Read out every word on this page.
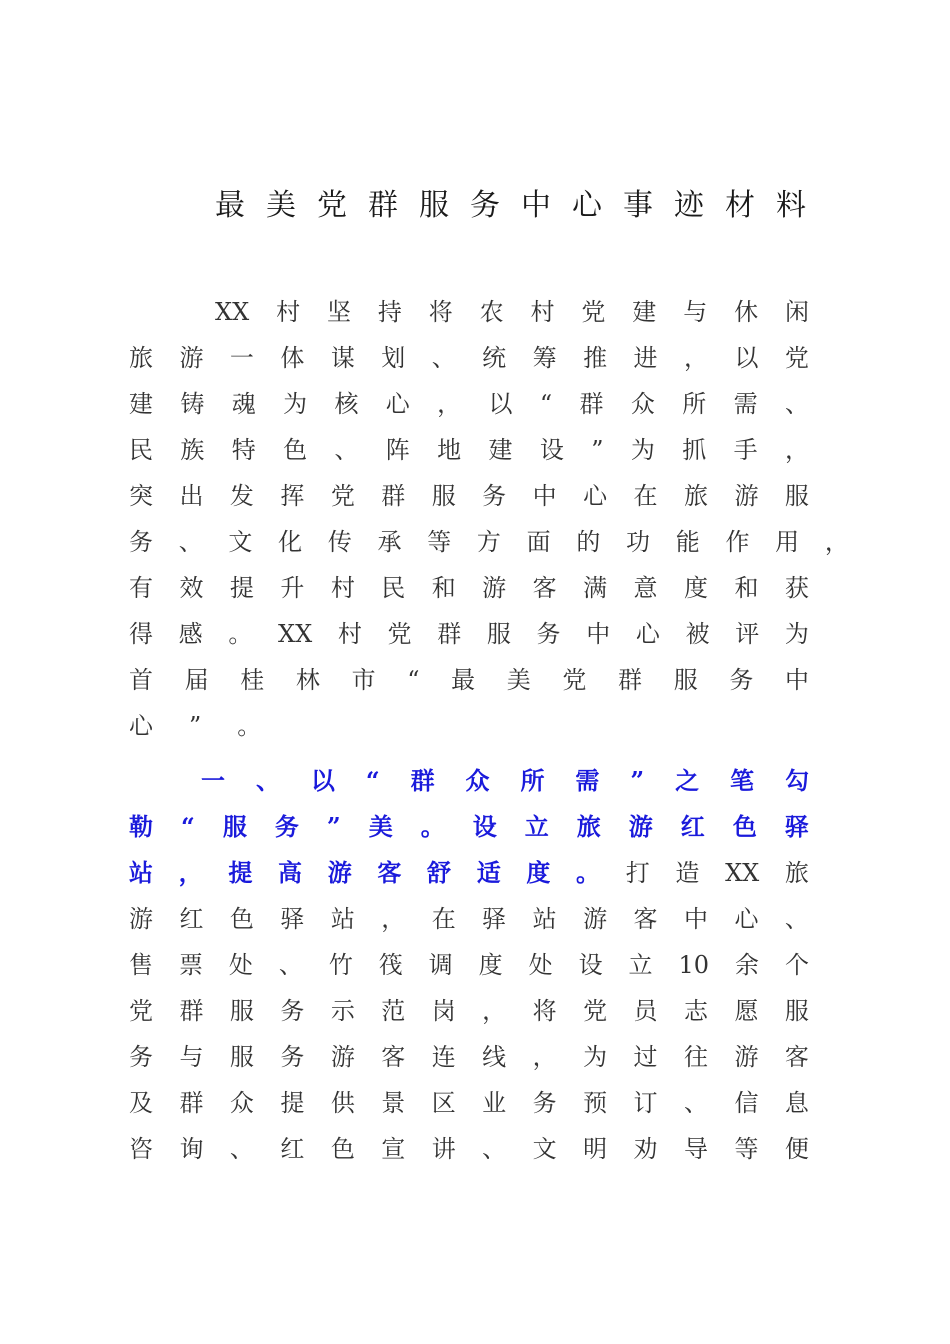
最美党群服务中心事迹材料
XX 村 坚 持 将 农 村 党 建 与 休 闲
旅 游 一 体 谋 划 、 统 筹 推 进 ， 以 党
建 铸 魂 为 核 心 ， 以 “ 群 众 所 需 、
民 族 特 色 、 阵 地 建 设 ” 为 抓 手 ，
突 出 发 挥 党 群 服 务 中 心 在 旅 游 服
务 、 文 化 传 承 等 方 面 的 功 能 作 用 ，
有 效 提 升 村 民 和 游 客 满 意 度 和 获
得 感 。 XX 村 党 群 服 务 中 心 被 评 为
首 届 桂 林 市 “ 最 美 党 群 服 务 中
心 ” 。
一 、 以 “ 群 众 所 需 ” 之 笔 勾
勒 “ 服 务 ” 美 。 设 立 旅 游 红 色 驿
站 ， 提 高 游 客 舒 适 度 。 打 造 XX 旅
游 红 色 驿 站 ， 在 驿 站 游 客 中 心 、
售 票 处 、 竹 筏 调 度 处 设 立 10 余 个
党 群 服 务 示 范 岗 ， 将 党 员 志 愿 服
务 与 服 务 游 客 连 线 ， 为 过 往 游 客
及 群 众 提 供 景 区 业 务 预 订 、 信 息
咨 询 、 红 色 宣 讲 、 文 明 劝 导 等 便
